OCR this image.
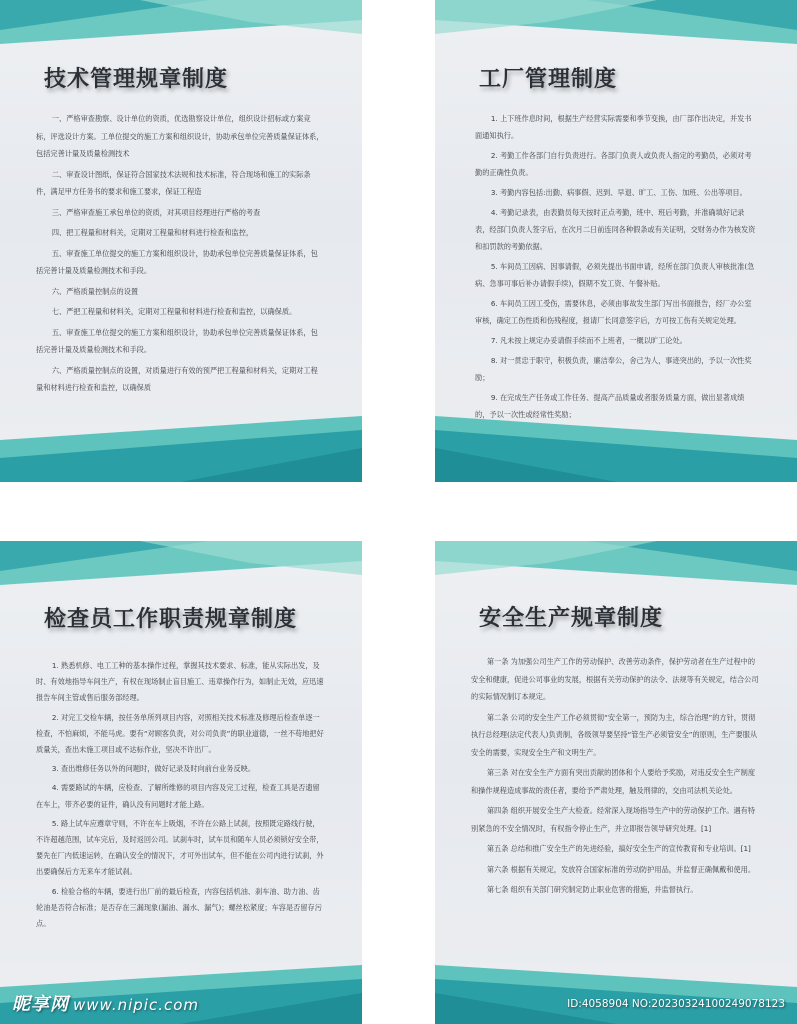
技术管理规章制度

一、严格审查勘察、设计单位的资质，优选勘察设计单位，组织设计招标或方案竞标，评选设计方案。工单位提交的施工方案和组织设计，协助承包单位完善质量保证体系，包括完善计量及质量检测技术

二、审查设计图纸，保证符合国家技术法规和技术标准，符合现场和施工的实际条件，满足甲方任务书的要求和施工要求，保证工程造

三、严格审查施工承包单位的资质，对其项目经理进行严格的考查

四、把工程量和材料关，定期对工程量和材料进行检查和监控，

五、审查施工单位提交的施工方案和组织设计，协助承包单位完善质量保证体系，包括完善计量及质量检测技术和手段。

六、严格质量控制点的设置

七、严把工程量和材料关，定期对工程量和材料进行检查和监控，以确保质。

五、审查施工单位提交的施工方案和组织设计，协助承包单位完善质量保证体系，包括完善计量及质量检测技术和手段。

六、严格质量控制点的设置，对质量进行有效的预严把工程量和材料关，定期对工程量和材料进行检查和监控，以确保质

工厂管理制度

1. 上下班作息时间，根据生产经营实际需要和季节变换，由厂部作出决定，并发书面通知执行。

2. 考勤工作各部门自行负责进行。各部门负责人或负责人指定的考勤员，必须对考勤的正确性负责。

3. 考勤内容包括:出勤、病事假、迟到、早退、旷工、工伤、加班、公出等项目。

4. 考勤记录表，由表勤员每天按时正点考勤，班中、班后考勤，并准确填好记录表，经部门负责人签字后，在次月二日前连同各种假条或有关证明，交财务办作为核发资和扣罚款的考勤依据。

5. 车间员工因病、因事请假，必须先提出书面申请，经所在部门负责人审核批准(急病、急事可事后补办请假手续)，假期不发工资、午餐补贴。

6. 车间员工因工受伤，需要休息，必须由事故发生部门写出书面报告，经厂办公室审核，确定工伤性质和伤残程度，报请厂长同意签字后，方可按工伤有关规定处理。

7. 凡未按上规定办妥请假手续而不上班者，一概以旷工论处。

8. 对一贯忠于职守，积极负责，廉洁奉公，舍己为人，事迹突出的，予以一次性奖励；

9. 在完成生产任务或工作任务、提高产品质量或者服务质量方面，做出显著成绩的，予以一次性或经常性奖励；

检查员工作职责规章制度

1. 熟悉机修、电工工种的基本操作过程，掌握其技术要求、标准，能从实际出发，及时、有效地指导车间生产，有权在现场制止盲目施工、违章操作行为，如制止无效，应迅速报告车间主管或售后服务部经理。

2. 对完工交检车辆，按任务单所列项目内容，对照相关技术标准及修理后检查单逐一检查，不怕麻烦，不能马虎。要有“对顾客负责，对公司负责”的职业道德，一丝不苟地把好质量关，查出未施工项目或不达标作业，坚决不许出厂。

3. 查出维修任务以外的问题时，做好记录及时向前台业务反映。

4. 需要路试的车辆，应检查、了解所维修的项目内容及完工过程，检查工具是否遗留在车上，带齐必要的证件，确认没有问题时才能上路。

5. 路上试车应遵章守则，不许在车上吸烟，不许在公路上试刹，按照既定路线行驶，不许超越范围，试车完后，及时返回公司。试刹车时，试车员和随车人员必须锁好安全带，要先在厂内低速运转，在确认安全的情况下，才可外出试车，但不能在公司内进行试刹，外出要确保后方无来车才能试刹。

6. 检验合格的车辆，要进行出厂前的最后检查，内容包括机油、刹车油、助力油、齿轮油是否符合标准；是否存在三漏现象(漏油、漏水、漏气)；螺丝松紧度；车容是否留存污点。

安全生产规章制度

第一条 为加强公司生产工作的劳动保护、改善劳动条件，保护劳动者在生产过程中的安全和健康，促进公司事业的发展，根据有关劳动保护的法令、法规等有关规定，结合公司的实际情况制订本规定。

第二条 公司的安全生产工作必须贯彻“安全第一，预防为主，综合治理”的方针，贯彻执行总经理(法定代表人)负责制，各级领导要坚持“管生产必须管安全”的原则，生产要服从安全的需要，实现安全生产和文明生产。

第三条 对在安全生产方面有突出贡献的团体和个人要给予奖励，对违反安全生产制度和操作规程造成事故的责任者，要给予严肃处理，触及刑律的，交由司法机关论处。

第四条 组织开展安全生产大检查。经常深入现场指导生产中的劳动保护工作。遇有特别紧急的不安全情况时，有权指令停止生产，并立即报告领导研究处理。[1]

第五条 总结和推广安全生产的先进经验，搞好安全生产的宣传教育和专业培训。[1]

第六条 根据有关规定，发放符合国家标准的劳动防护用品，并监督正确佩戴和使用。

第七条 组织有关部门研究制定防止职业危害的措施，并监督执行。

昵享网 www.nipic.com	ID:4058904 NO:20230324100249078123
